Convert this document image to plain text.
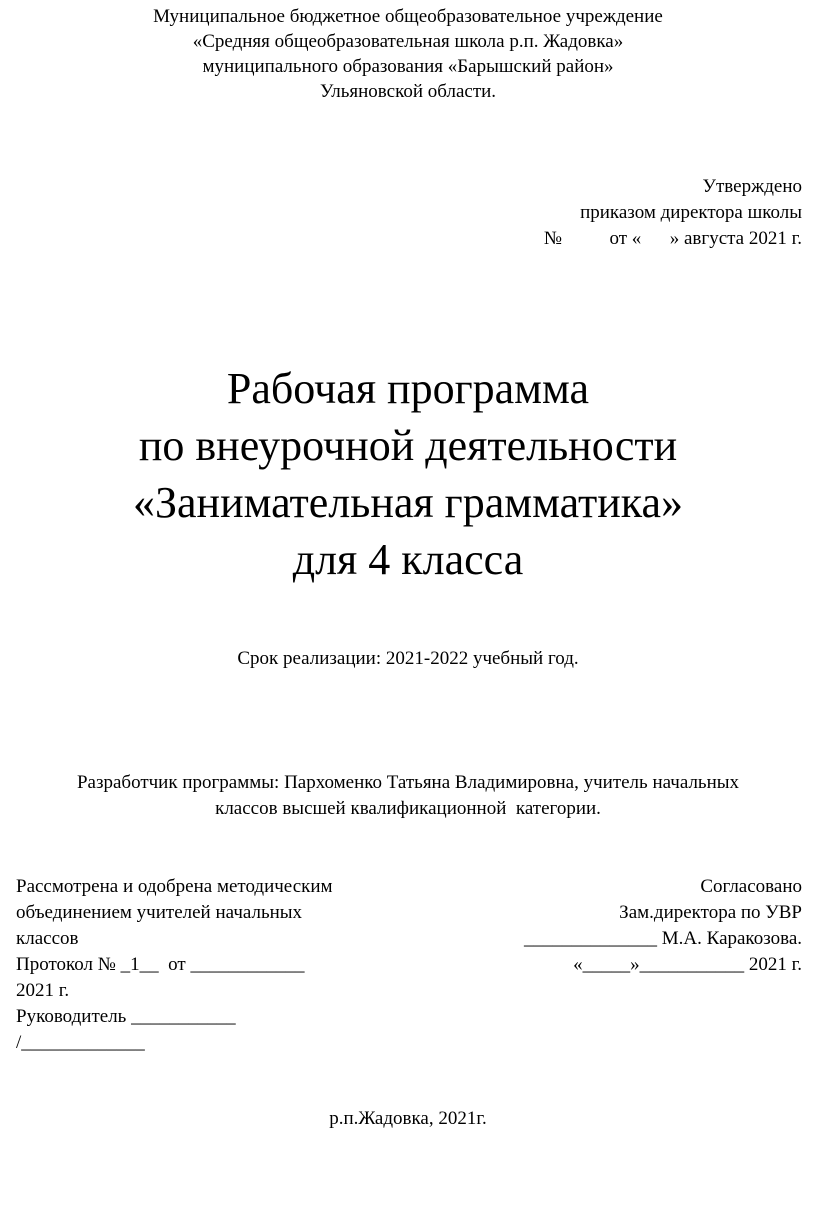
Муниципальное бюджетное общеобразовательное учреждение
«Средняя общеобразовательная школа р.п. Жадовка»
муниципального образования «Барышский район»
Ульяновской области.
Утверждено
приказом директора школы
№          от «      » августа 2021 г.
Рабочая программа
по внеурочной деятельности
«Занимательная грамматика»
для 4 класса
Срок реализации: 2021-2022 учебный год.
Разработчик программы: Пархоменко Татьяна Владимировна, учитель начальных
классов высшей квалификационной  категории.
Рассмотрена и одобрена методическим
объединением учителей начальных
классов
Протокол № _1__  от ____________
2021 г.
Руководитель ___________
/_____________
Согласовано
Зам.директора по УВР
______________ М.А. Каракозова.
«_____»___________ 2021 г.
р.п.Жадовка, 2021г.
